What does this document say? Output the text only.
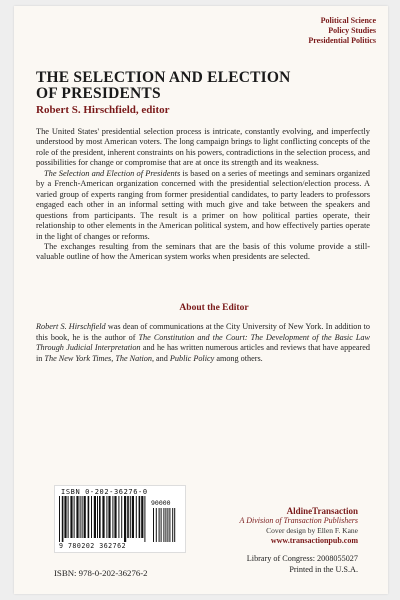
Political Science
Policy Studies
Presidential Politics
THE SELECTION AND ELECTION
OF PRESIDENTS
Robert S. Hirschfield, editor

The United States' presidential selection process is intricate, constantly evolving, and imperfectly understood by most American voters. The long campaign brings to light conflicting concepts of the role of the president, inherent constraints on his powers, contradictions in the selection process, and possibilities for change or compromise that are at once its strength and its weakness.

The Selection and Election of Presidents is based on a series of meetings and seminars organized by a French-American organization concerned with the presidential selection/election process. A varied group of experts ranging from former presidential candidates, to party leaders to professors engaged each other in an informal setting with much give and take between the speakers and questions from participants. The result is a primer on how political parties operate, their relationship to other elements in the American political system, and how effectively parties operate in the light of changes or reforms.

The exchanges resulting from the seminars that are the basis of this volume provide a still-valuable outline of how the American system works when presidents are selected.

About the Editor
Robert S. Hirschfield was dean of communications at the City University of New York. In addition to this book, he is the author of The Constitution and the Court: The Development of the Basic Law Through Judicial Interpretation and he has written numerous articles and reviews that have appeared in The New York Times, The Nation, and Public Policy among others.
ISBN 0-202-36276-0
90000
9 780202 362762
ISBN: 978-0-202-36276-2
AldineTransaction
A Division of Transaction Publishers
Cover design by Ellen F. Kane
www.transactionpub.com
Library of Congress: 2008055027
Printed in the U.S.A.
